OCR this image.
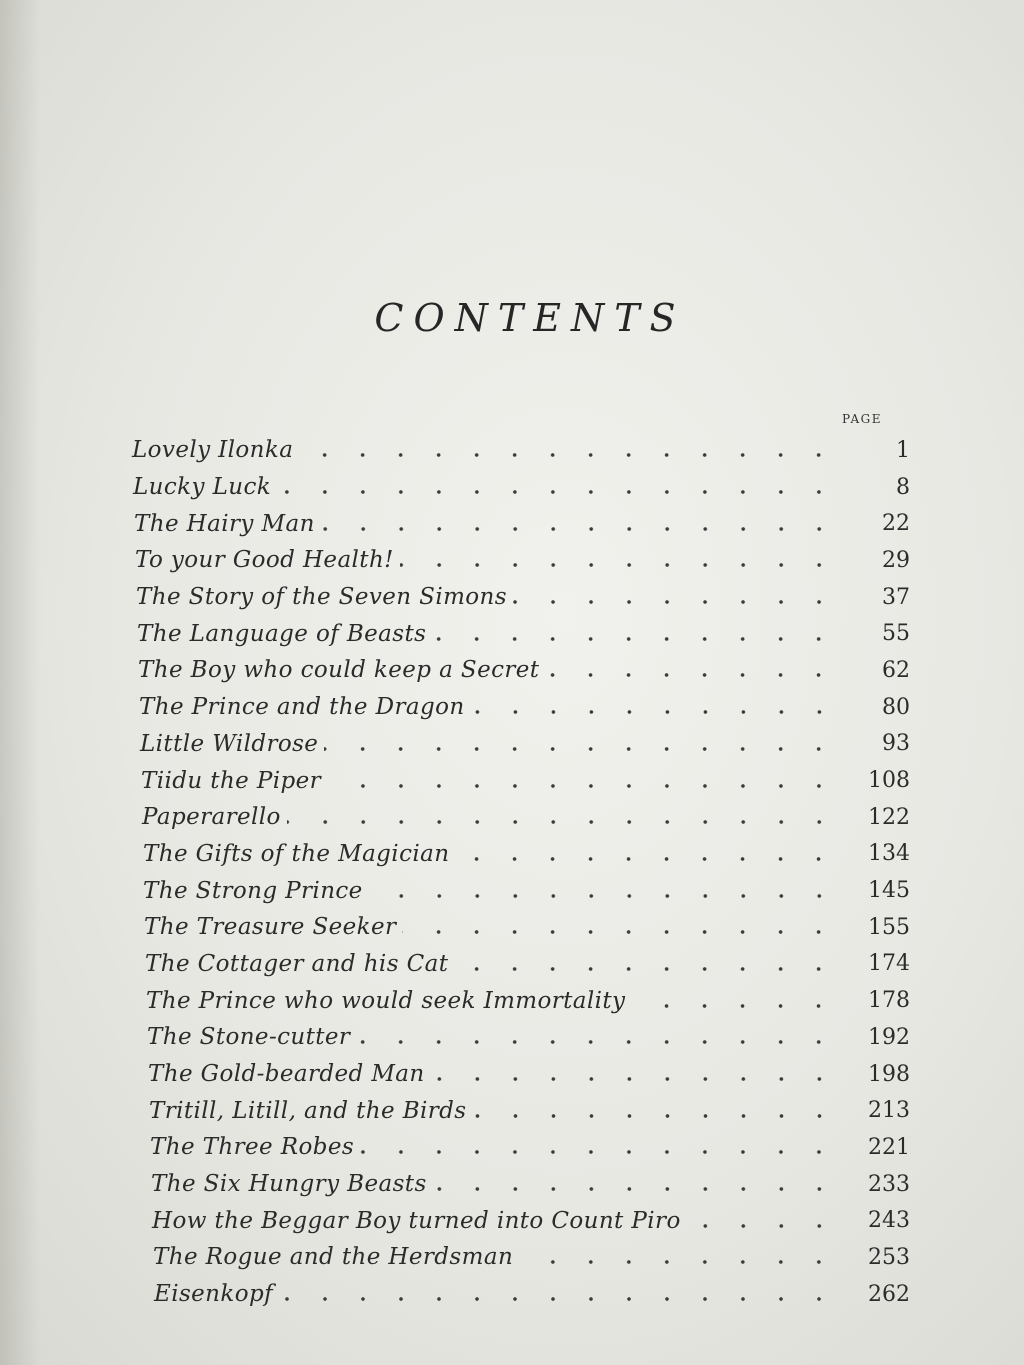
CONTENTS
PAGE
Lovely Ilonka	1
Lucky Luck	8
The Hairy Man	22
To your Good Health!	29
The Story of the Seven Simons	37
The Language of Beasts	55
The Boy who could keep a Secret	62
The Prince and the Dragon	80
Little Wildrose	93
Tiidu the Piper	108
Paperarello	122
The Gifts of the Magician	134
The Strong Prince	145
The Treasure Seeker	155
The Cottager and his Cat	174
The Prince who would seek Immortality	178
The Stone-cutter	192
The Gold-bearded Man	198
Tritill, Litill, and the Birds	213
The Three Robes	221
The Six Hungry Beasts	233
How the Beggar Boy turned into Count Piro	243
The Rogue and the Herdsman	253
Eisenkopf	262
